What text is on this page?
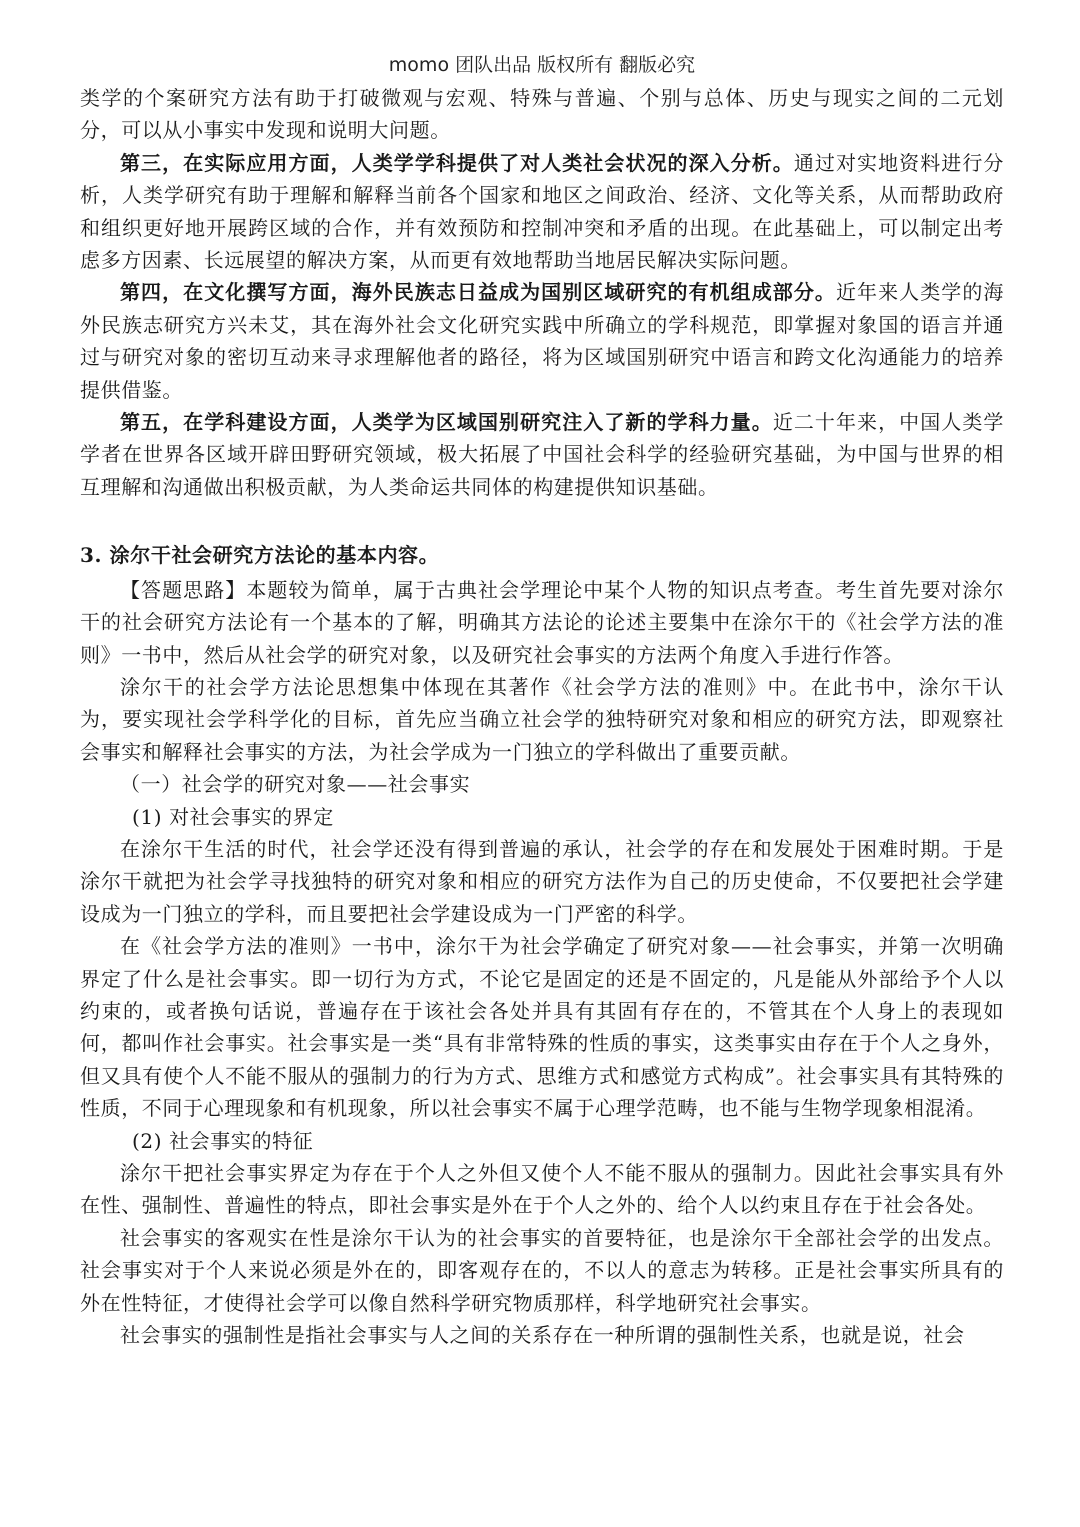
momo 团队出品 版权所有 翻版必究

类学的个案研究方法有助于打破微观与宏观、特殊与普遍、个别与总体、历史与现实之间的二元划分，可以从小事实中发现和说明大问题。

第三，在实际应用方面，人类学学科提供了对人类社会状况的深入分析。通过对实地资料进行分析，人类学研究有助于理解和解释当前各个国家和地区之间政治、经济、文化等关系，从而帮助政府和组织更好地开展跨区域的合作，并有效预防和控制冲突和矛盾的出现。在此基础上，可以制定出考虑多方因素、长远展望的解决方案，从而更有效地帮助当地居民解决实际问题。

第四，在文化撰写方面，海外民族志日益成为国别区域研究的有机组成部分。近年来人类学的海外民族志研究方兴未艾，其在海外社会文化研究实践中所确立的学科规范，即掌握对象国的语言并通过与研究对象的密切互动来寻求理解他者的路径，将为区域国别研究中语言和跨文化沟通能力的培养提供借鉴。

第五，在学科建设方面，人类学为区域国别研究注入了新的学科力量。近二十年来，中国人类学学者在世界各区域开辟田野研究领域，极大拓展了中国社会科学的经验研究基础，为中国与世界的相互理解和沟通做出积极贡献，为人类命运共同体的构建提供知识基础。

3. 涂尔干社会研究方法论的基本内容。

【答题思路】本题较为简单，属于古典社会学理论中某个人物的知识点考查。考生首先要对涂尔干的社会研究方法论有一个基本的了解，明确其方法论的论述主要集中在涂尔干的《社会学方法的准则》一书中，然后从社会学的研究对象，以及研究社会事实的方法两个角度入手进行作答。

涂尔干的社会学方法论思想集中体现在其著作《社会学方法的准则》中。在此书中，涂尔干认为，要实现社会学科学化的目标，首先应当确立社会学的独特研究对象和相应的研究方法，即观察社会事实和解释社会事实的方法，为社会学成为一门独立的学科做出了重要贡献。

（一）社会学的研究对象——社会事实

(1) 对社会事实的界定

在涂尔干生活的时代，社会学还没有得到普遍的承认，社会学的存在和发展处于困难时期。于是涂尔干就把为社会学寻找独特的研究对象和相应的研究方法作为自己的历史使命，不仅要把社会学建设成为一门独立的学科，而且要把社会学建设成为一门严密的科学。

在《社会学方法的准则》一书中，涂尔干为社会学确定了研究对象——社会事实，并第一次明确界定了什么是社会事实。即一切行为方式，不论它是固定的还是不固定的，凡是能从外部给予个人以约束的，或者换句话说，普遍存在于该社会各处并具有其固有存在的，不管其在个人身上的表现如何，都叫作社会事实。社会事实是一类“具有非常特殊的性质的事实，这类事实由存在于个人之身外，但又具有使个人不能不服从的强制力的行为方式、思维方式和感觉方式构成”。社会事实具有其特殊的性质，不同于心理现象和有机现象，所以社会事实不属于心理学范畴，也不能与生物学现象相混淆。

(2) 社会事实的特征

涂尔干把社会事实界定为存在于个人之外但又使个人不能不服从的强制力。因此社会事实具有外在性、强制性、普遍性的特点，即社会事实是外在于个人之外的、给个人以约束且存在于社会各处。

社会事实的客观实在性是涂尔干认为的社会事实的首要特征，也是涂尔干全部社会学的出发点。社会事实对于个人来说必须是外在的，即客观存在的，不以人的意志为转移。正是社会事实所具有的外在性特征，才使得社会学可以像自然科学研究物质那样，科学地研究社会事实。

社会事实的强制性是指社会事实与人之间的关系存在一种所谓的强制性关系，也就是说，社会
